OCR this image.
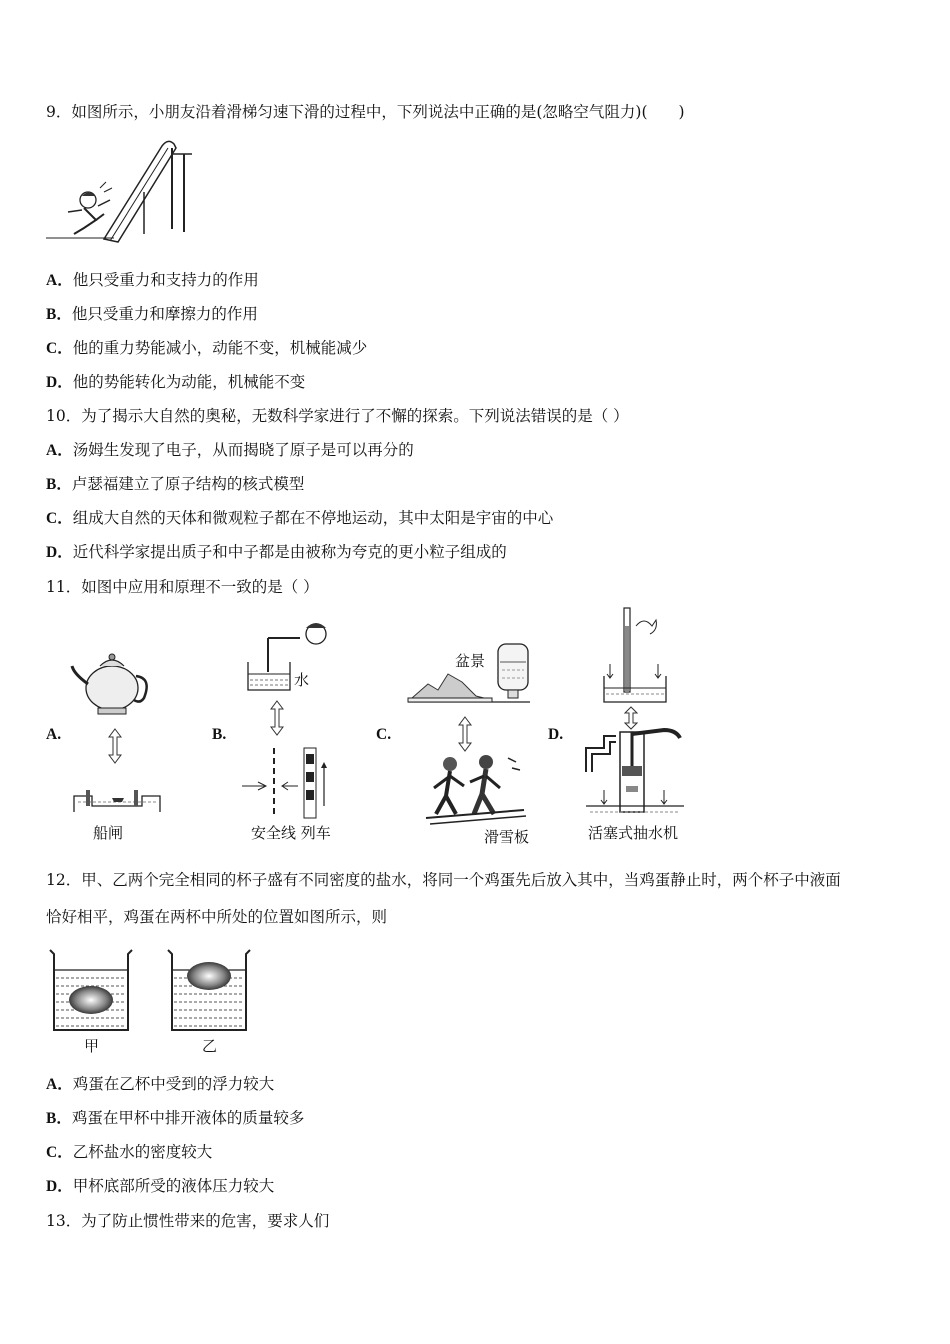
9．如图所示，小朋友沿着滑梯匀速下滑的过程中，下列说法中正确的是(忽略空气阻力)(　　)
A．他只受重力和支持力的作用
B．他只受重力和摩擦力的作用
C．他的重力势能减小，动能不变，机械能减少
D．他的势能转化为动能，机械能不变
10．为了揭示大自然的奥秘，无数科学家进行了不懈的探索。下列说法错误的是（ ）
A．汤姆生发现了电子，从而揭晓了原子是可以再分的
B．卢瑟福建立了原子结构的核式模型
C．组成大自然的天体和微观粒子都在不停地运动，其中太阳是宇宙的中心
D．近代科学家提出质子和中子都是由被称为夸克的更小粒子组成的
11．如图中应用和原理不一致的是（ ）
A.
船闸
B.
水
安全线 列车
C.
盆景
滑雪板
D.
活塞式抽水机
12．甲、乙两个完全相同的杯子盛有不同密度的盐水，将同一个鸡蛋先后放入其中，当鸡蛋静止时，两个杯子中液面
恰好相平，鸡蛋在两杯中所处的位置如图所示，则
甲	乙
A．鸡蛋在乙杯中受到的浮力较大
B．鸡蛋在甲杯中排开液体的质量较多
C．乙杯盐水的密度较大
D．甲杯底部所受的液体压力较大
13．为了防止惯性带来的危害，要求人们
